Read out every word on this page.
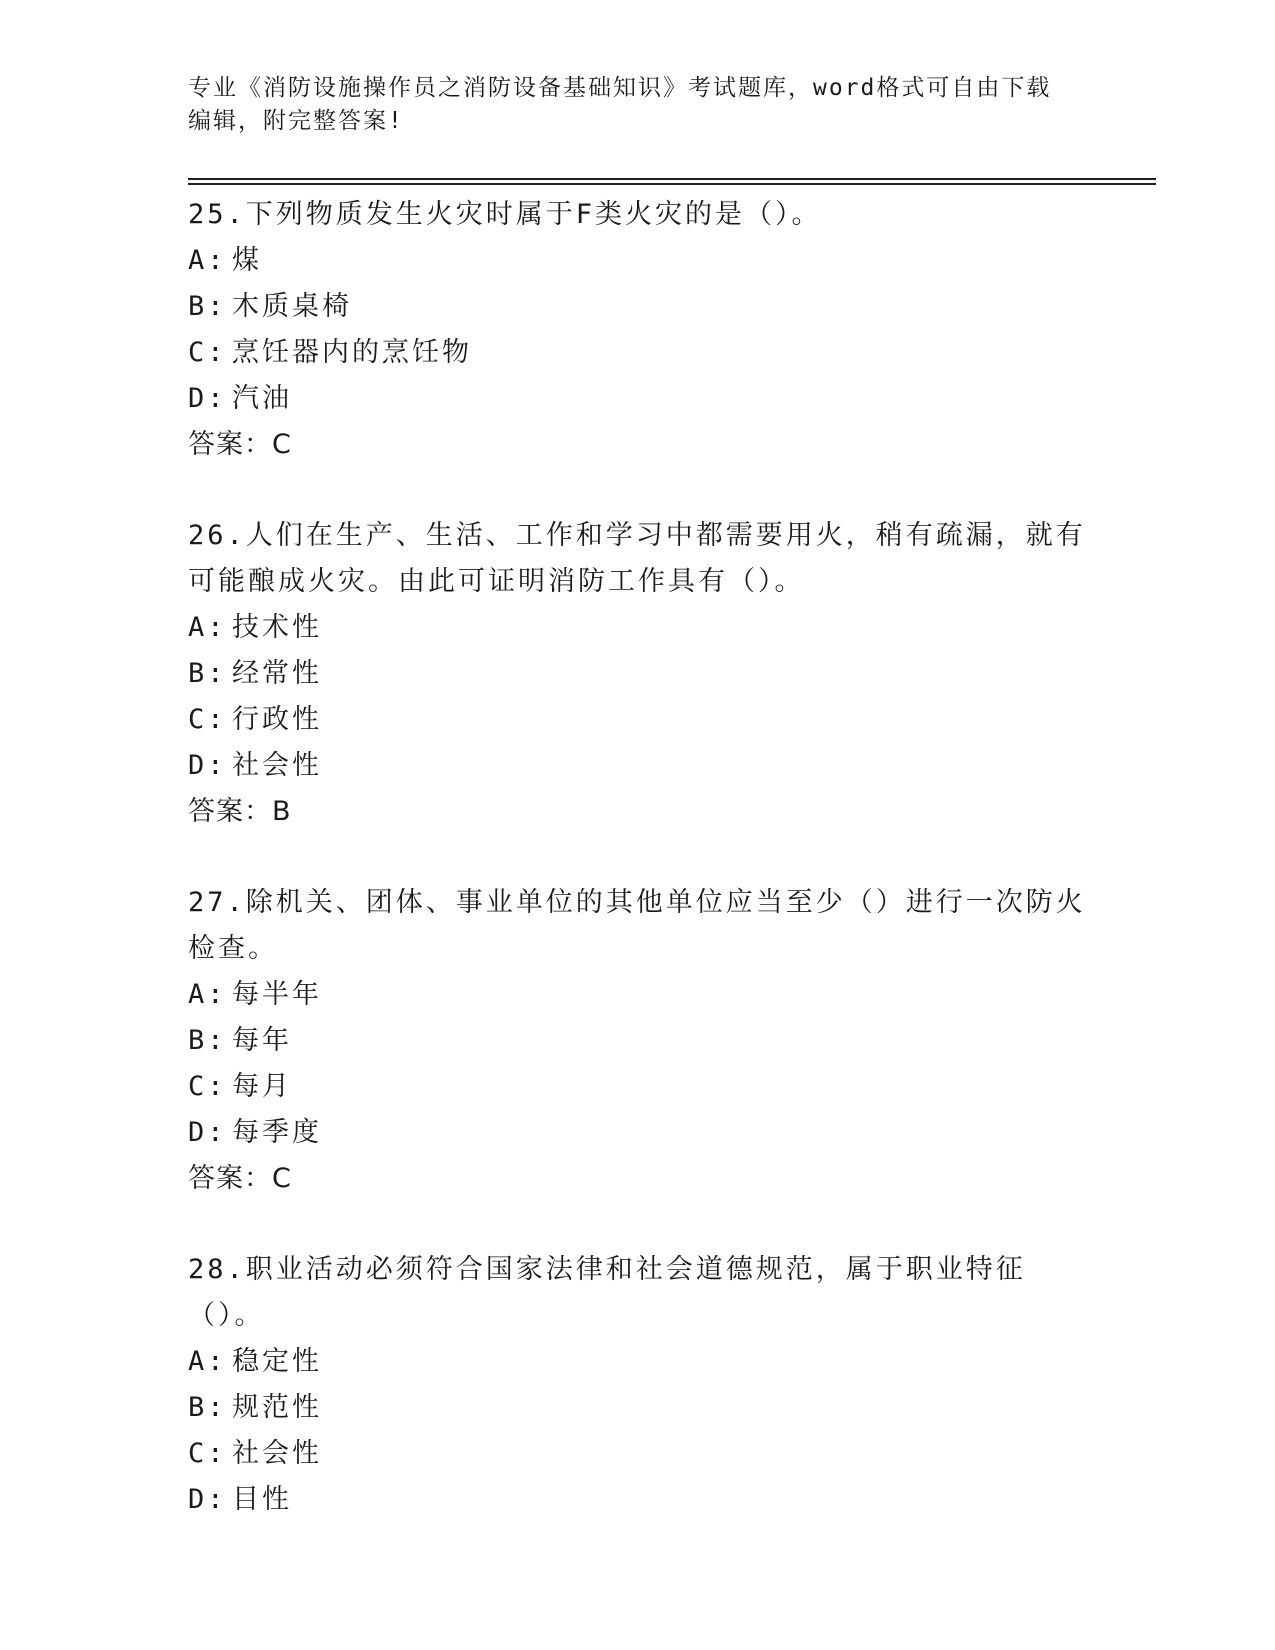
专业《消防设施操作员之消防设备基础知识》考试题库，word格式可自由下载编辑，附完整答案!

25.下列物质发生火灾时属于F类火灾的是（）。

A: 煤

B: 木质桌椅

C: 烹饪器内的烹饪物

D: 汽油

答案：C

26.人们在生产、生活、工作和学习中都需要用火，稍有疏漏，就有可能酿成火灾。由此可证明消防工作具有（）。

A: 技术性

B: 经常性

C: 行政性

D: 社会性

答案：B

27.除机关、团体、事业单位的其他单位应当至少（）进行一次防火检查。

A: 每半年

B: 每年

C: 每月

D: 每季度

答案：C

28.职业活动必须符合国家法律和社会道德规范，属于职业特征（）。

A: 稳定性

B: 规范性

C: 社会性

D: 目性
